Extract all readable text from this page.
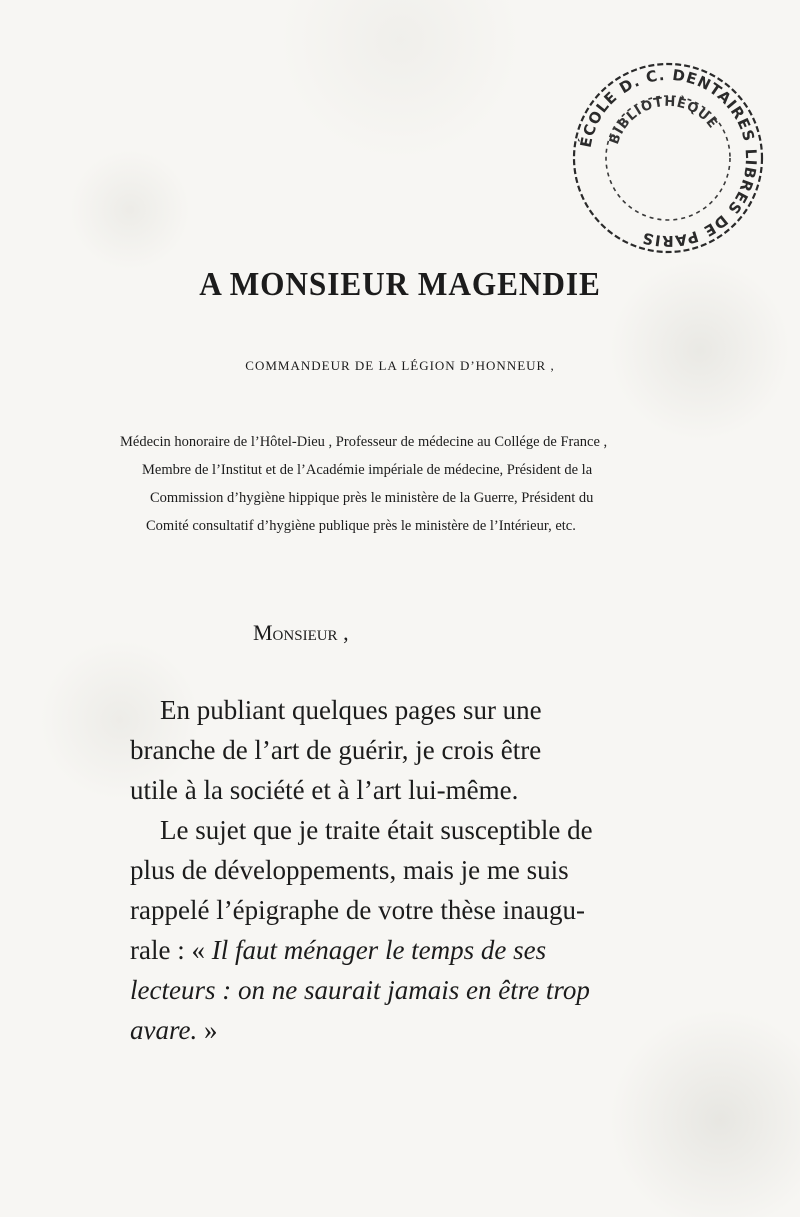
ÉCOLE D. C. DENTAIRES LIBRES DE PARIS
BIBLIOTHÈQUE
A MONSIEUR MAGENDIE
COMMANDEUR DE LA LÉGION D’HONNEUR ,
Médecin honoraire de l’Hôtel-Dieu , Professeur de médecine au Collége de France ,
Membre de l’Institut et de l’Académie impériale de médecine, Président de la
Commission d’hygiène hippique près le ministère de la Guerre, Président du
Comité consultatif d’hygiène publique près le ministère de l’Intérieur, etc.
Monsieur ,
En publiant quelques pages sur une
branche de l’art de guérir, je crois être
utile à la société et à l’art lui-même.
Le sujet que je traite était susceptible de
plus de développements, mais je me suis
rappelé l’épigraphe de votre thèse inaugu-
rale : « Il faut ménager le temps de ses
lecteurs : on ne saurait jamais en être trop
avare. »
